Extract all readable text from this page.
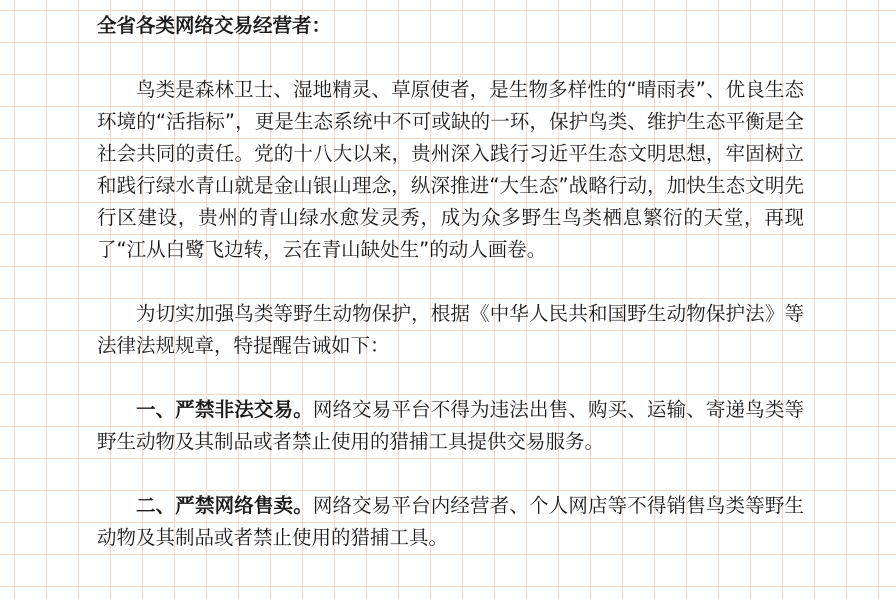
全省各类网络交易经营者：

鸟类是森林卫士、湿地精灵、草原使者，是生物多样性的“晴雨表”、优良生态环境的“活指标”，更是生态系统中不可或缺的一环，保护鸟类、维护生态平衡是全社会共同的责任。党的十八大以来，贵州深入践行习近平生态文明思想，牢固树立和践行绿水青山就是金山银山理念，纵深推进“大生态”战略行动，加快生态文明先行区建设，贵州的青山绿水愈发灵秀，成为众多野生鸟类栖息繁衍的天堂，再现了“江从白鹭飞边转，云在青山缺处生”的动人画卷。

为切实加强鸟类等野生动物保护，根据《中华人民共和国野生动物保护法》等法律法规规章，特提醒告诫如下：

一、严禁非法交易。网络交易平台不得为违法出售、购买、运输、寄递鸟类等野生动物及其制品或者禁止使用的猎捕工具提供交易服务。

二、严禁网络售卖。网络交易平台内经营者、个人网店等不得销售鸟类等野生动物及其制品或者禁止使用的猎捕工具。
